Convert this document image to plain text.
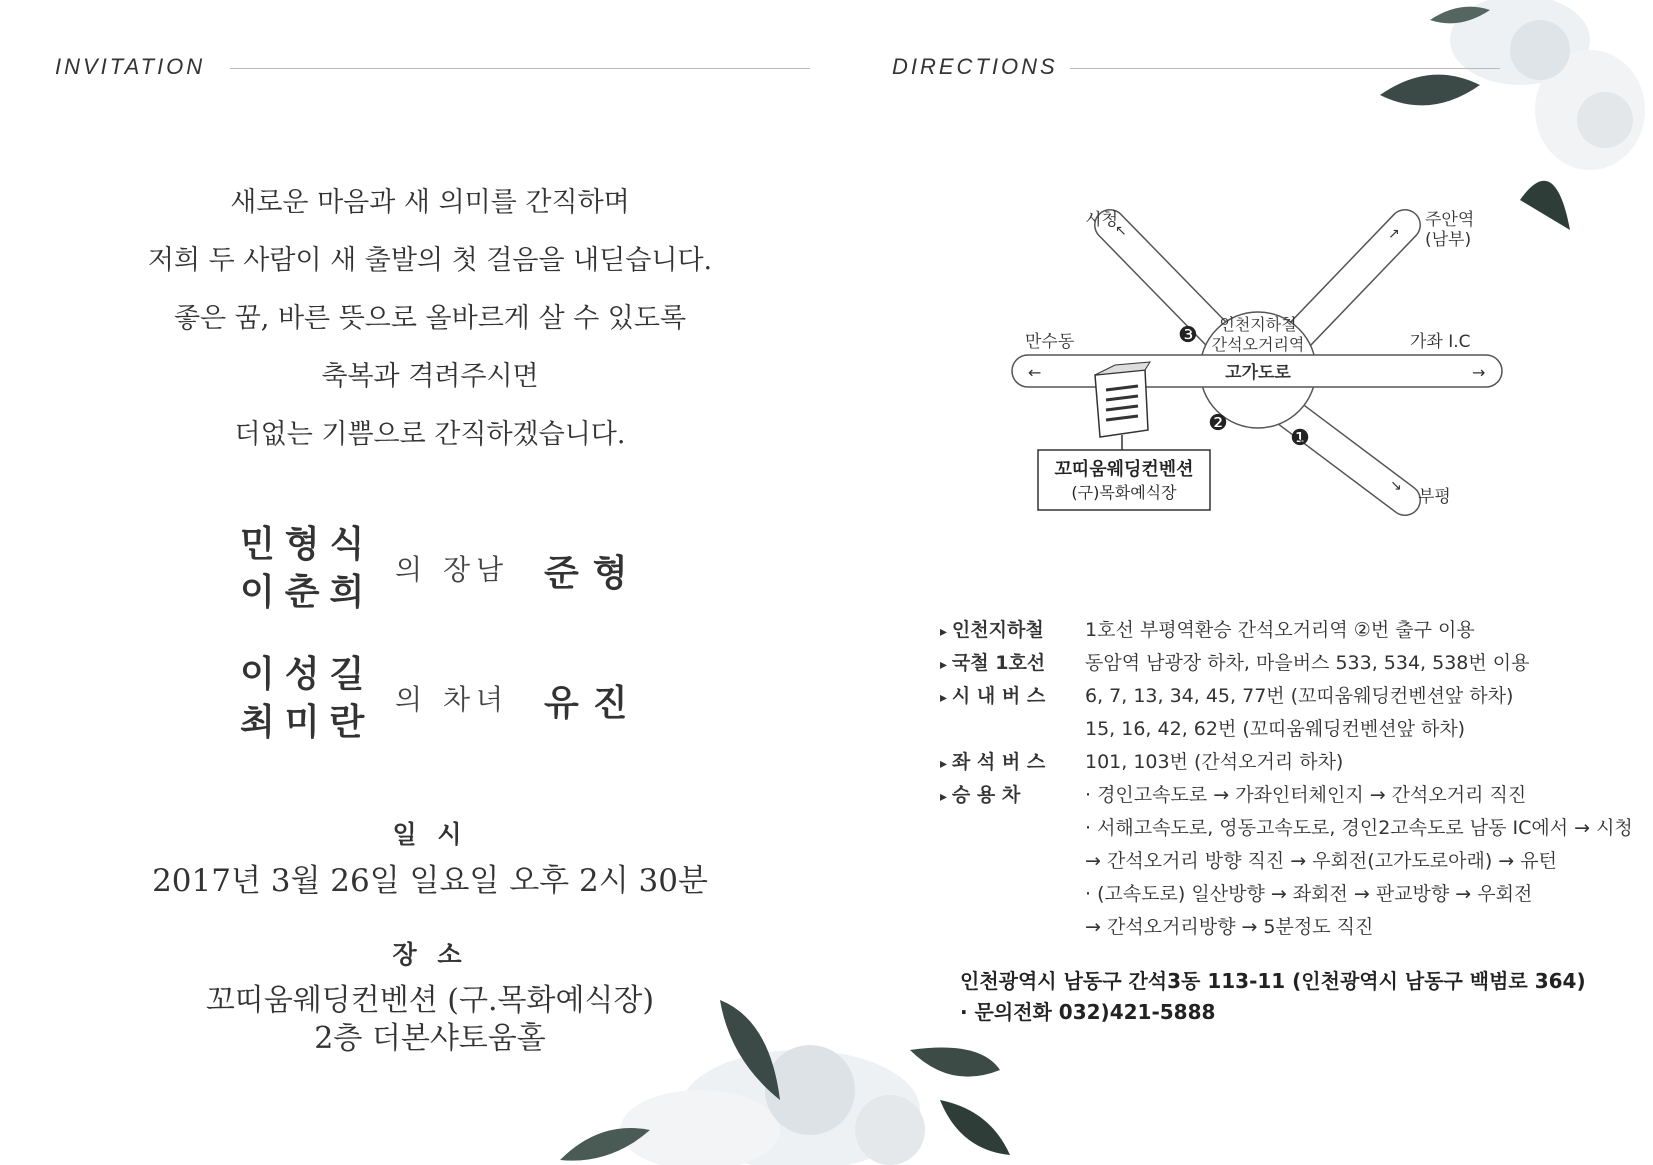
INVITATION	DIRECTIONS
새로운 마음과 새 의미를 간직하며
저희 두 사람이 새 출발의 첫 걸음을 내딛습니다.
좋은 꿈, 바른 뜻으로 올바르게 살 수 있도록
축복과 격려주시면
더없는 기쁨으로 간직하겠습니다.
민형식
이춘희
의 장남 준형
이성길
최미란
의 차녀 유진
일 시
2017년 3월 26일 일요일 오후 2시 30분
장 소
꼬띠움웨딩컨벤션 (구.목화예식장)
2층 더본샤토움홀
←	→
↖	↗
↘
인천지하철
간석오거리역
고가도로
시청	주안역
(남부)
만수동	가좌 I.C
부평
❸
❷
❶
꼬띠움웨딩컨벤션
(구)목화예식장
▸ 인천지하철	1호선 부평역환승 간석오거리역 ②번 출구 이용
▸ 국철 1호선	동암역 남광장 하차, 마을버스 533, 534, 538번 이용
▸ 시 내 버 스	6, 7, 13, 34, 45, 77번 (꼬띠움웨딩컨벤션앞 하차)
15, 16, 42, 62번 (꼬띠움웨딩컨벤션앞 하차)
▸ 좌 석 버 스	101, 103번 (간석오거리 하차)
▸ 승 용 차	· 경인고속도로 → 가좌인터체인지 → 간석오거리 직진
· 서해고속도로, 영동고속도로, 경인2고속도로 남동 IC에서 → 시청
→ 간석오거리 방향 직진 → 우회전(고가도로아래) → 유턴
· (고속도로) 일산방향 → 좌회전 → 판교방향 → 우회전
→ 간석오거리방향 → 5분정도 직진
인천광역시 남동구 간석3동 113-11 (인천광역시 남동구 백범로 364)
· 문의전화 032)421-5888
